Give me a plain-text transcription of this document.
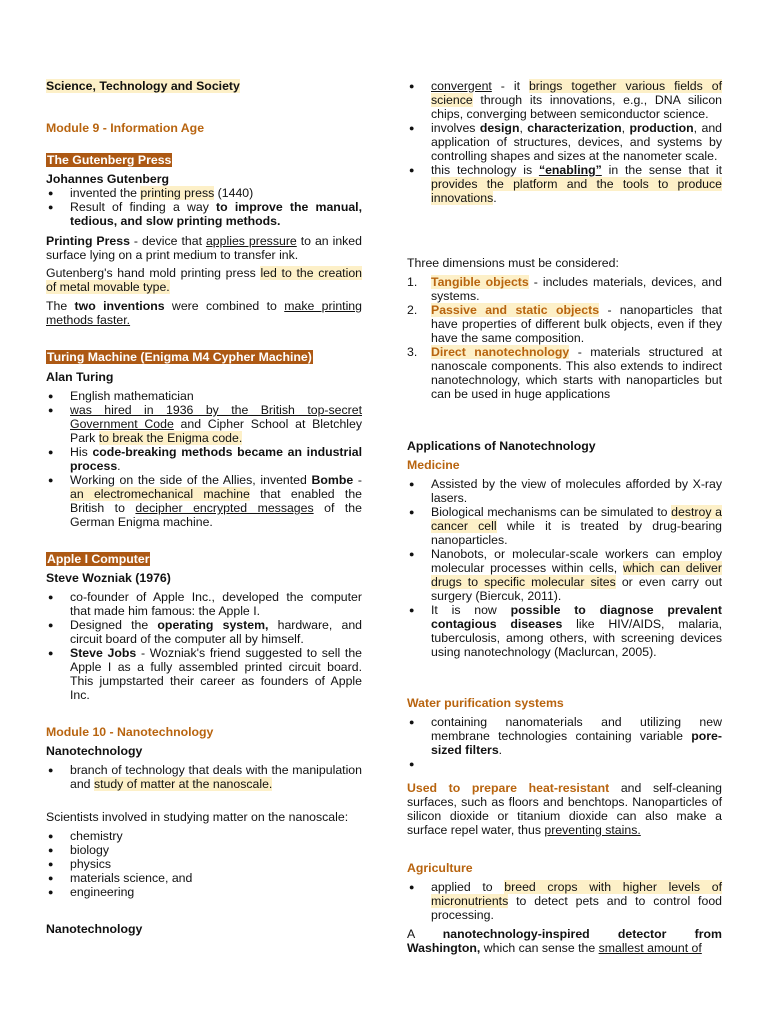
Science, Technology and Society
Module 9 - Information Age
The Gutenberg Press
Johannes Gutenberg
● invented the printing press (1440)
● Result of finding a way to improve the manual, tedious, and slow printing methods.
Printing Press - device that applies pressure to an inked surface lying on a print medium to transfer ink.
Gutenberg's hand mold printing press led to the creation of metal movable type.
The two inventions were combined to make printing methods faster.
Turing Machine (Enigma M4 Cypher Machine)
Alan Turing
● English mathematician
● was hired in 1936 by the British top-secret Government Code and Cipher School at Bletchley Park to break the Enigma code.
● His code-breaking methods became an industrial process.
● Working on the side of the Allies, invented Bombe - an electromechanical machine that enabled the British to decipher encrypted messages of the German Enigma machine.
Apple I Computer
Steve Wozniak (1976)
● co-founder of Apple Inc., developed the computer that made him famous: the Apple I.
● Designed the operating system, hardware, and circuit board of the computer all by himself.
● Steve Jobs - Wozniak's friend suggested to sell the Apple I as a fully assembled printed circuit board. This jumpstarted their career as founders of Apple Inc.
Module 10 - Nanotechnology
Nanotechnology
● branch of technology that deals with the manipulation and study of matter at the nanoscale.
Scientists involved in studying matter on the nanoscale:
● chemistry
● biology
● physics
● materials science, and
● engineering
Nanotechnology
● convergent - it brings together various fields of science through its innovations, e.g., DNA silicon chips, converging between semiconductor science.
● involves design, characterization, production, and application of structures, devices, and systems by controlling shapes and sizes at the nanometer scale.
● this technology is “enabling” in the sense that it provides the platform and the tools to produce innovations.
Three dimensions must be considered:
1. Tangible objects - includes materials, devices, and systems.
2. Passive and static objects - nanoparticles that have properties of different bulk objects, even if they have the same composition.
3. Direct nanotechnology - materials structured at nanoscale components. This also extends to indirect nanotechnology, which starts with nanoparticles but can be used in huge applications
Applications of Nanotechnology
Medicine
● Assisted by the view of molecules afforded by X-ray lasers.
● Biological mechanisms can be simulated to destroy a cancer cell while it is treated by drug-bearing nanoparticles.
● Nanobots, or molecular-scale workers can employ molecular processes within cells, which can deliver drugs to specific molecular sites or even carry out surgery (Biercuk, 2011).
● It is now possible to diagnose prevalent contagious diseases like HIV/AIDS, malaria, tuberculosis, among others, with screening devices using nanotechnology (Maclurcan, 2005).
Water purification systems
● containing nanomaterials and utilizing new membrane technologies containing variable pore-sized filters.
●
Used to prepare heat-resistant and self-cleaning surfaces, such as floors and benchtops. Nanoparticles of silicon dioxide or titanium dioxide can also make a surface repel water, thus preventing stains.
Agriculture
● applied to breed crops with higher levels of micronutrients to detect pets and to control food processing.
A nanotechnology-inspired detector from Washington, which can sense the smallest amount of
